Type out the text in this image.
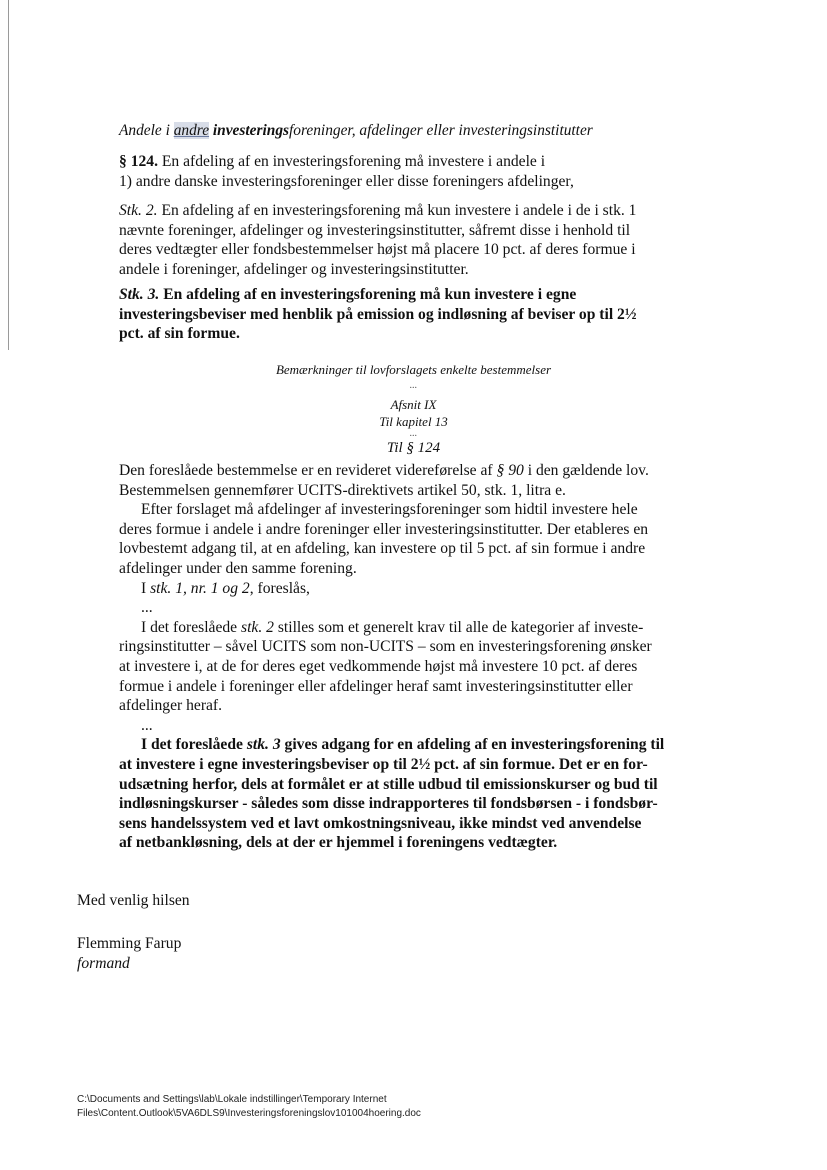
Andele i andre investeringsforeninger, afdelinger eller investeringsinstitutter
§ 124. En afdeling af en investeringsforening må investere i andele i
1) andre danske investeringsforeninger eller disse foreningers afdelinger,
Stk. 2. En afdeling af en investeringsforening må kun investere i andele i de i stk. 1
nævnte foreninger, afdelinger og investeringsinstitutter, såfremt disse i henhold til
deres vedtægter eller fondsbestemmelser højst må placere 10 pct. af deres formue i
andele i foreninger, afdelinger og investeringsinstitutter.
Stk. 3. En afdeling af en investeringsforening må kun investere i egne
investeringsbeviser med henblik på emission og indløsning af beviser op til 2½
pct. af sin formue.
Bemærkninger til lovforslagets enkelte bestemmelser
...
Afsnit IX
Til kapitel 13
...
Til § 124
Den foreslåede bestemmelse er en revideret videreførelse af § 90 i den gældende lov.
Bestemmelsen gennemfører UCITS-direktivets artikel 50, stk. 1, litra e.
Efter forslaget må afdelinger af investeringsforeninger som hidtil investere hele
deres formue i andele i andre foreninger eller investeringsinstitutter. Der etableres en
lovbestemt adgang til, at en afdeling, kan investere op til 5 pct. af sin formue i andre
afdelinger under den samme forening.
I stk. 1, nr. 1 og 2, foreslås,
...
I det foreslåede stk. 2 stilles som et generelt krav til alle de kategorier af investe-
ringsinstitutter – såvel UCITS som non-UCITS – som en investeringsforening ønsker
at investere i, at de for deres eget vedkommende højst må investere 10 pct. af deres
formue i andele i foreninger eller afdelinger heraf samt investeringsinstitutter eller
afdelinger heraf.
...
I det foreslåede stk. 3 gives adgang for en afdeling af en investeringsforening til
at investere i egne investeringsbeviser op til 2½ pct. af sin formue. Det er en for-
udsætning herfor, dels at formålet er at stille udbud til emissionskurser og bud til
indløsningskurser - således som disse indrapporteres til fondsbørsen - i fondsbør-
sens handelssystem ved et lavt omkostningsniveau, ikke mindst ved anvendelse
af netbankløsning, dels at der er hjemmel i foreningens vedtægter.
Med venlig hilsen
Flemming Farup
formand
C:\Documents and Settings\lab\Lokale indstillinger\Temporary Internet
Files\Content.Outlook\5VA6DLS9\Investeringsforeningslov101004hoering.doc
